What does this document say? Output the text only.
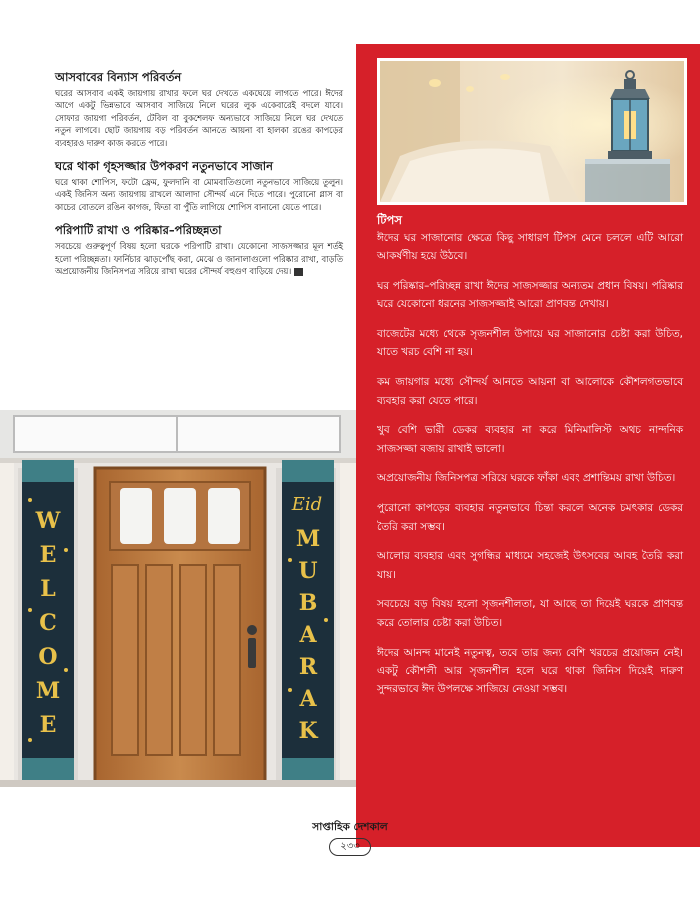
আসবাবের বিন্যাস পরিবর্তন

ঘরের আসবাব একই জায়গায় রাখার ফলে ঘর দেখতে একঘেয়ে লাগতে পারে। ঈদের আগে একটু ভিন্নভাবে আসবাব সাজিয়ে নিলে ঘরের লুক একেবারেই বদলে যাবে। সোফার জায়গা পরিবর্তন, টেবিল বা বুকশেলফ অন্যভাবে সাজিয়ে নিলে ঘর দেখতে নতুন লাগবে। ছোট জায়গায় বড় পরিবর্তন আনতে আয়না বা হালকা রঙের কাপড়ের ব্যবহারও দারুণ কাজ করতে পারে।

ঘরে থাকা গৃহসজ্জার উপকরণ নতুনভাবে সাজান

ঘরে থাকা শোপিস, ফটো ফ্রেম, ফুলদানি বা মোমবাতিগুলো নতুনভাবে সাজিয়ে তুলুন। একই জিনিস অন্য জায়গায় রাখলে আলাদা সৌন্দর্য এনে দিতে পারে। পুরোনো গ্লাস বা কাচের বোতলে রঙিন কাগজ, ফিতা বা পুঁতি লাগিয়ে শোপিস বানানো যেতে পারে।

পরিপাটি রাখা ও পরিষ্কার–পরিচ্ছন্নতা

সবচেয়ে গুরুত্বপূর্ণ বিষয় হলো ঘরকে পরিপাটি রাখা। যেকোনো সাজসজ্জার মূল শর্তই হলো পরিচ্ছন্নতা। ফার্নিচার ঝাড়পোঁছ করা, মেঝে ও জানালাগুলো পরিষ্কার রাখা, বাড়তি অপ্রয়োজনীয় জিনিসপত্র সরিয়ে রাখা ঘরের সৌন্দর্য বহুগুণ বাড়িয়ে দেয়।

টিপস

ঈদের ঘর সাজানোর ক্ষেত্রে কিছু সাধারণ টিপস মেনে চললে এটি আরো আকর্ষণীয় হয়ে উঠবে।

ঘর পরিষ্কার–পরিচ্ছন্ন রাখা ঈদের সাজসজ্জার অন্যতম প্রধান বিষয়। পরিষ্কার ঘরে যেকোনো ধরনের সাজসজ্জাই আরো প্রাণবন্ত দেখায়।

বাজেটের মধ্যে থেকে সৃজনশীল উপায়ে ঘর সাজানোর চেষ্টা করা উচিত, যাতে খরচ বেশি না হয়।

কম জায়গার মধ্যে সৌন্দর্য আনতে আয়না বা আলোকে কৌশলগতভাবে ব্যবহার করা যেতে পারে।

খুব বেশি ভারী ডেকর ব্যবহার না করে মিনিমালিস্ট অথচ নান্দনিক সাজসজ্জা বজায় রাখাই ভালো।

অপ্রয়োজনীয় জিনিসপত্র সরিয়ে ঘরকে ফাঁকা এবং প্রশান্তিময় রাখা উচিত।

পুরোনো কাপড়ের ব্যবহার নতুনভাবে চিন্তা করলে অনেক চমৎকার ডেকর তৈরি করা সম্ভব।

আলোর ব্যবহার এবং সুগন্ধির মাধ্যমে সহজেই উৎসবের আবহ তৈরি করা যায়।

সবচেয়ে বড় বিষয় হলো সৃজনশীলতা, যা আছে তা দিয়েই ঘরকে প্রাণবন্ত করে তোলার চেষ্টা করা উচিত।

ঈদের আনন্দ মানেই নতুনত্ব, তবে তার জন্য বেশি খরচের প্রয়োজন নেই। একটু কৌশলী আর সৃজনশীল হলে ঘরে থাকা জিনিস দিয়েই দারুণ সুন্দরভাবে ঈদ উপলক্ষে সাজিয়ে নেওয়া সম্ভব।

Eid
W
E
L
C
O
M
E
M
U
B
A
R
A
K
সাপ্তাহিক দেশকাল
২৩৩
